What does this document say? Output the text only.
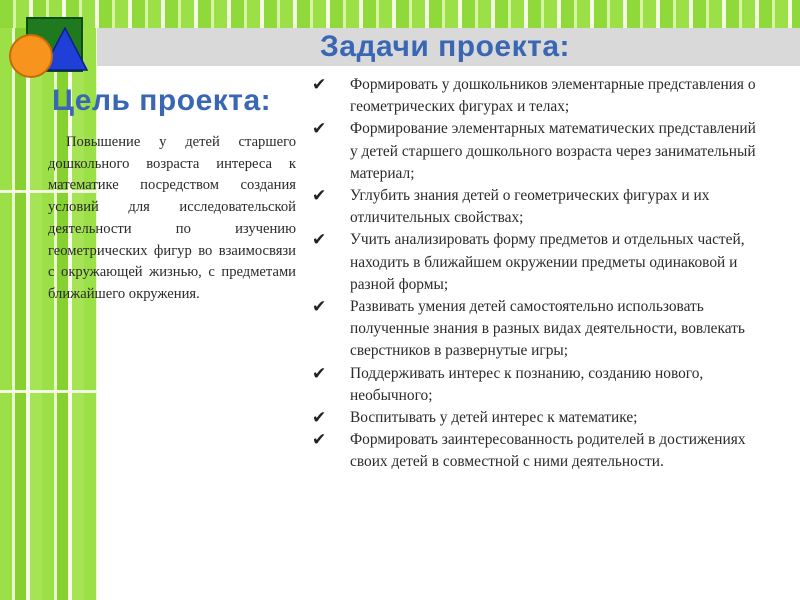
Цель проекта:
Повышение у детей старшего дошкольного возраста интереса к математике посредством создания условий для исследовательской деятельности по изучению геометрических фигур во взаимосвязи с окружающей жизнью, с предметами ближайшего окружения.
Задачи проекта:
✔ Формировать у дошкольников элементарные представления о геометрических фигурах и телах;
✔ Формирование элементарных математических представлений у детей старшего дошкольного возраста через занимательный материал;
✔ Углубить знания детей о геометрических фигурах и их отличительных свойствах;
✔ Учить анализировать форму предметов и отдельных частей, находить в ближайшем окружении предметы одинаковой и разной формы;
✔ Развивать умения детей самостоятельно использовать полученные знания в разных видах деятельности, вовлекать сверстников в развернутые игры;
✔ Поддерживать интерес к познанию, созданию нового, необычного;
✔ Воспитывать у детей интерес к математике;
✔ Формировать заинтересованность родителей в достижениях своих детей в совместной с ними деятельности.
